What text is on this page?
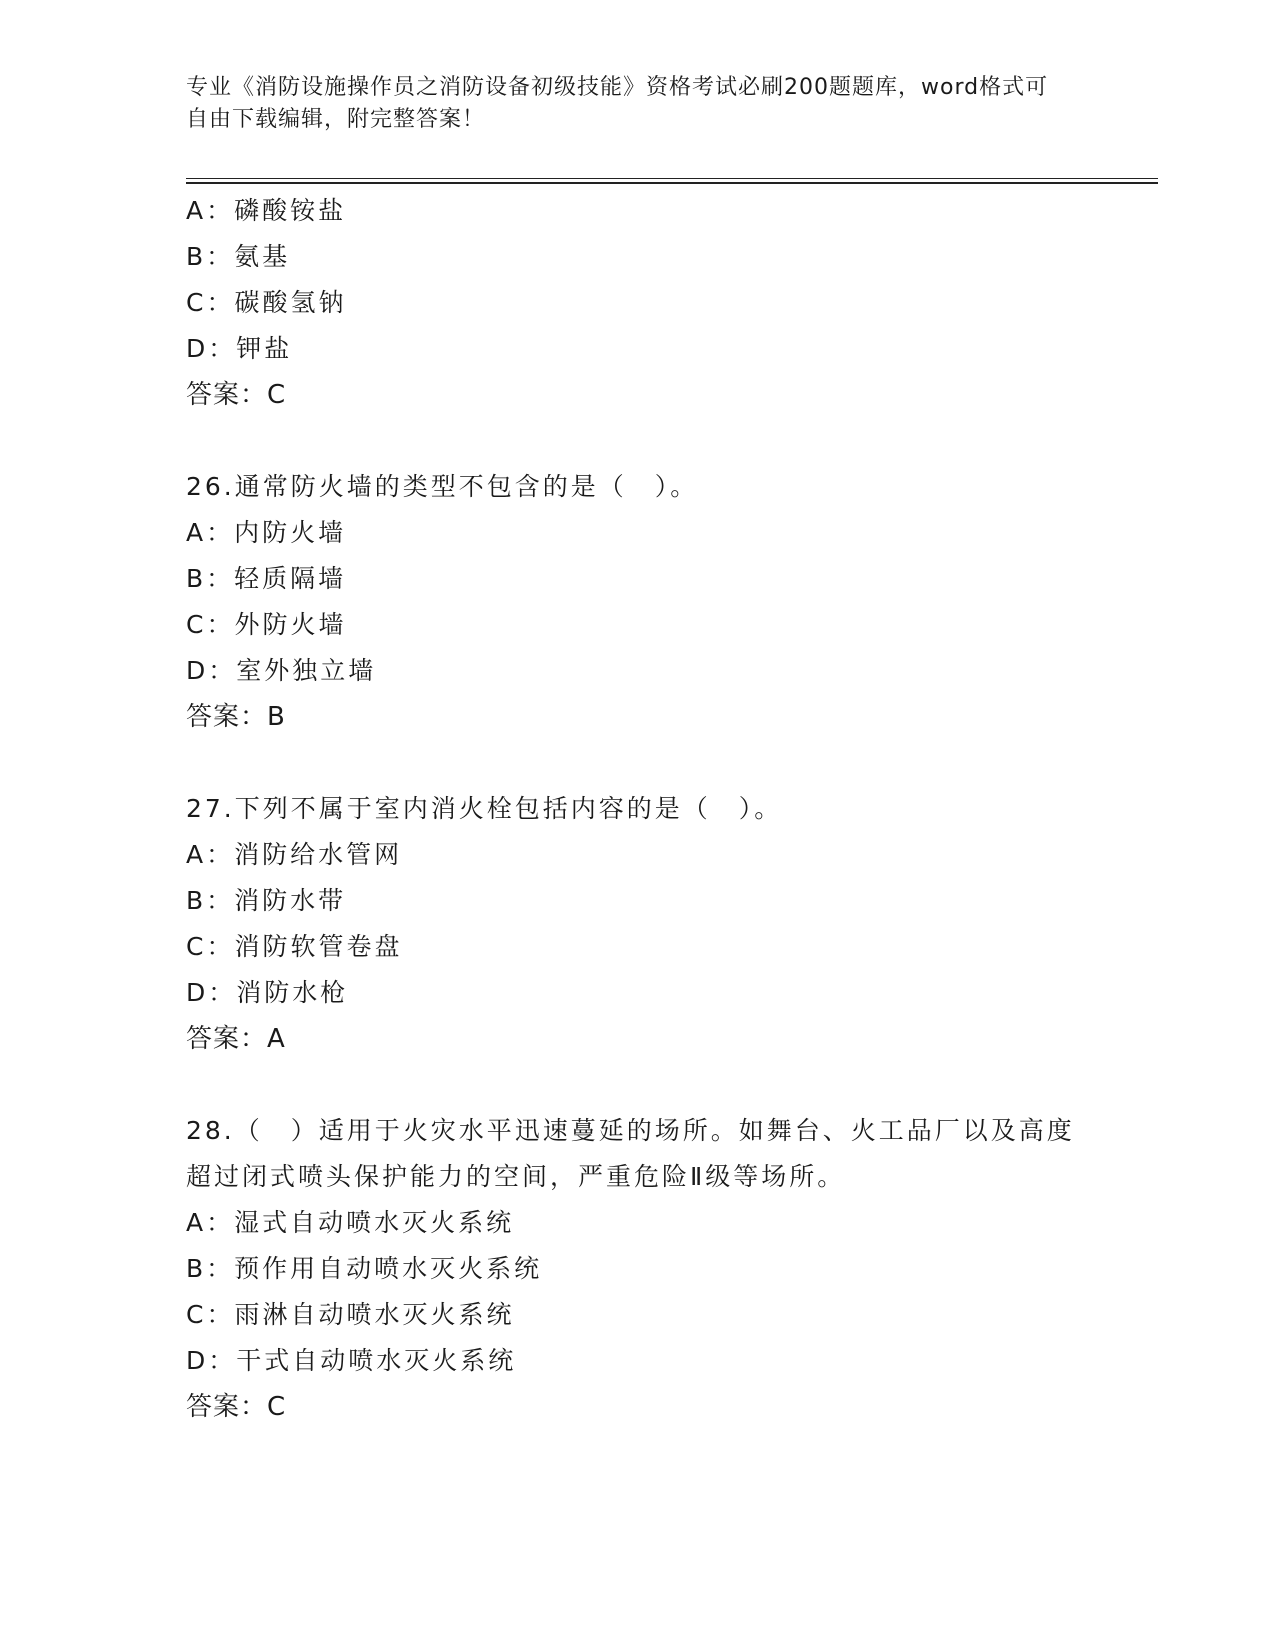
专业《消防设施操作员之消防设备初级技能》资格考试必刷200题题库，word格式可自由下载编辑，附完整答案！
A：磷酸铵盐
B：氨基
C：碳酸氢钠
D：钾盐
答案：C
26.通常防火墙的类型不包含的是（　）。
A：内防火墙
B：轻质隔墙
C：外防火墙
D：室外独立墙
答案：B
27.下列不属于室内消火栓包括内容的是（　）。
A：消防给水管网
B：消防水带
C：消防软管卷盘
D：消防水枪
答案：A
28.（　）适用于火灾水平迅速蔓延的场所。如舞台、火工品厂以及高度超过闭式喷头保护能力的空间，严重危险Ⅱ级等场所。
A：湿式自动喷水灭火系统
B：预作用自动喷水灭火系统
C：雨淋自动喷水灭火系统
D：干式自动喷水灭火系统
答案：C
